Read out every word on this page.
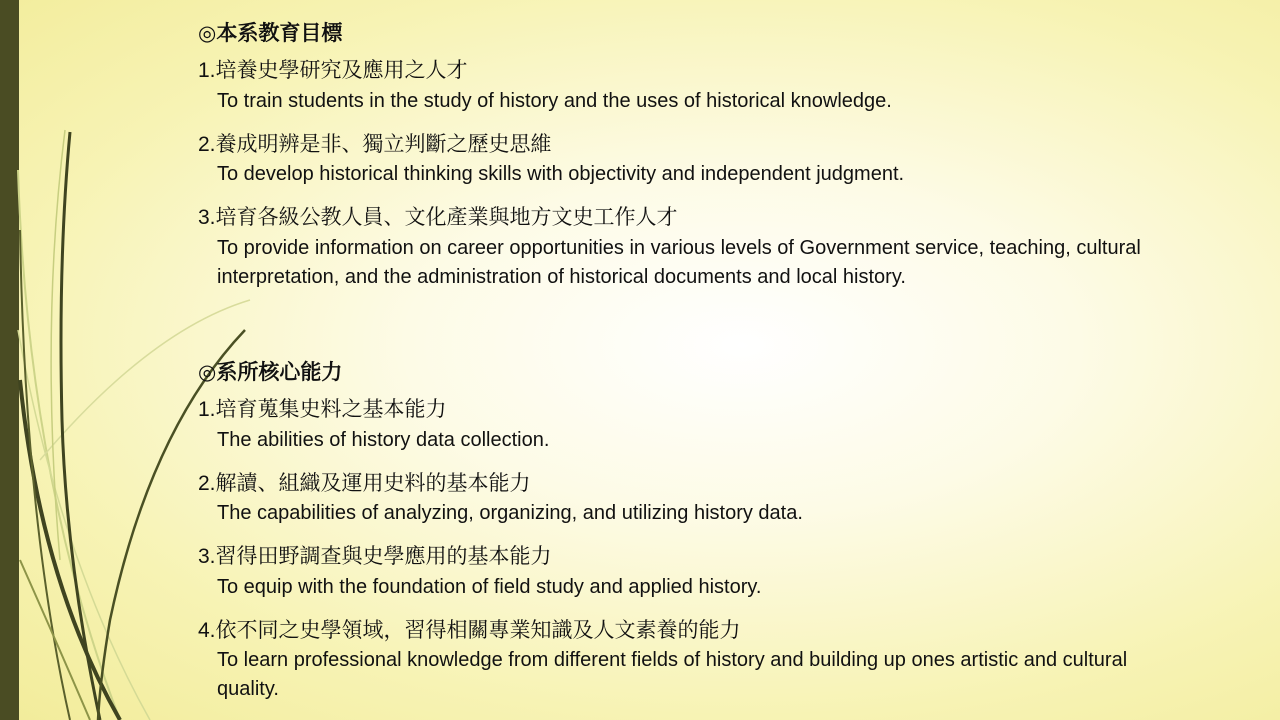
◎本系教育目標
1.培養史學研究及應用之人才
To train students in the study of history and the uses of historical knowledge.
2.養成明辨是非、獨立判斷之歷史思維
To develop historical thinking skills with objectivity and independent judgment.
3.培育各級公教人員、文化產業與地方文史工作人才
To provide information on career opportunities in various levels of Government service, teaching, cultural interpretation, and the administration of historical documents and local history.
◎系所核心能力
1.培育蒐集史料之基本能力
The abilities of history data collection.
2.解讀、組織及運用史料的基本能力
The capabilities of analyzing, organizing, and utilizing history data.
3.習得田野調查與史學應用的基本能力
To equip with the foundation of field study and applied history.
4.依不同之史學領域，習得相關專業知識及人文素養的能力
To learn professional knowledge from different fields of history and building up ones artistic and cultural quality.
